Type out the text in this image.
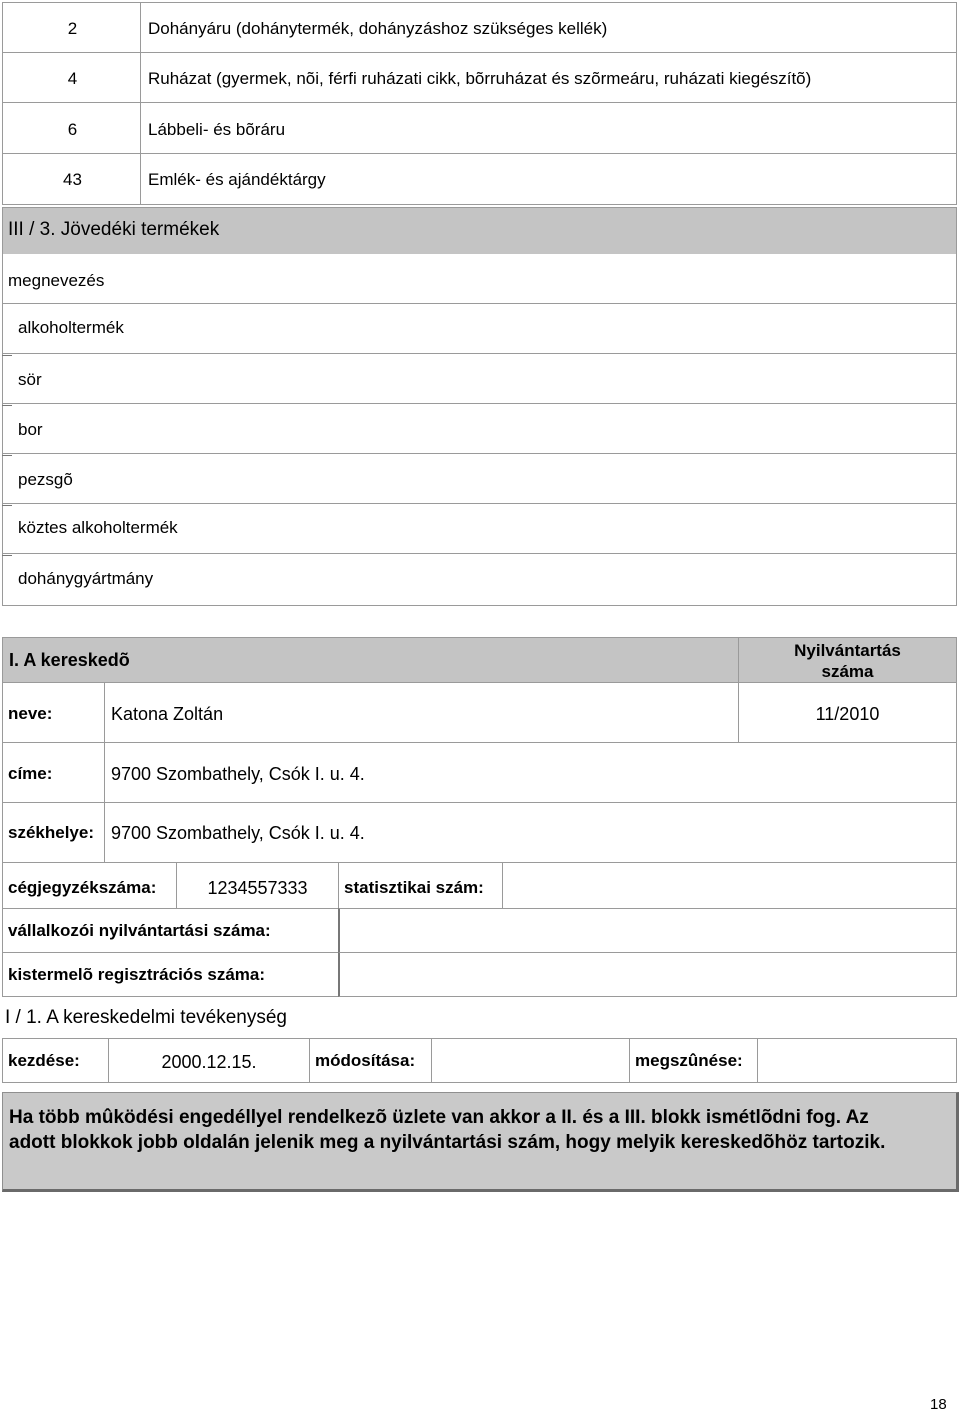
2	Dohányáru (dohánytermék, dohányzáshoz szükséges kellék)
4	Ruházat (gyermek, nõi, férfi ruházati cikk, bõrruházat és szõrmeáru, ruházati kiegészítõ)
6	Lábbeli- és bõráru
43	Emlék- és ajándéktárgy
III / 3. Jövedéki termékek
megnevezés
alkoholtermék
sör
bor
pezsgõ
köztes alkoholtermék
dohánygyártmány
I. A kereskedõ	Nyilvántartás száma
neve:	Katona Zoltán	11/2010
címe:	9700 Szombathely, Csók I. u. 4.
székhelye: 9700 Szombathely, Csók I. u. 4.
cégjegyzékszáma:	1234557333	statisztikai szám:
vállalkozói nyilvántartási száma:
kistermelõ regisztrációs száma:
I / 1. A kereskedelmi tevékenység
kezdése:	2000.12.15.	módosítása:	megszûnése:
Ha több mûködési engedéllyel rendelkezõ üzlete van akkor a II. és a III. blokk ismétlõdni fog. Az adott blokkok jobb oldalán jelenik meg a nyilvántartási szám, hogy melyik kereskedõhöz tartozik.
18
